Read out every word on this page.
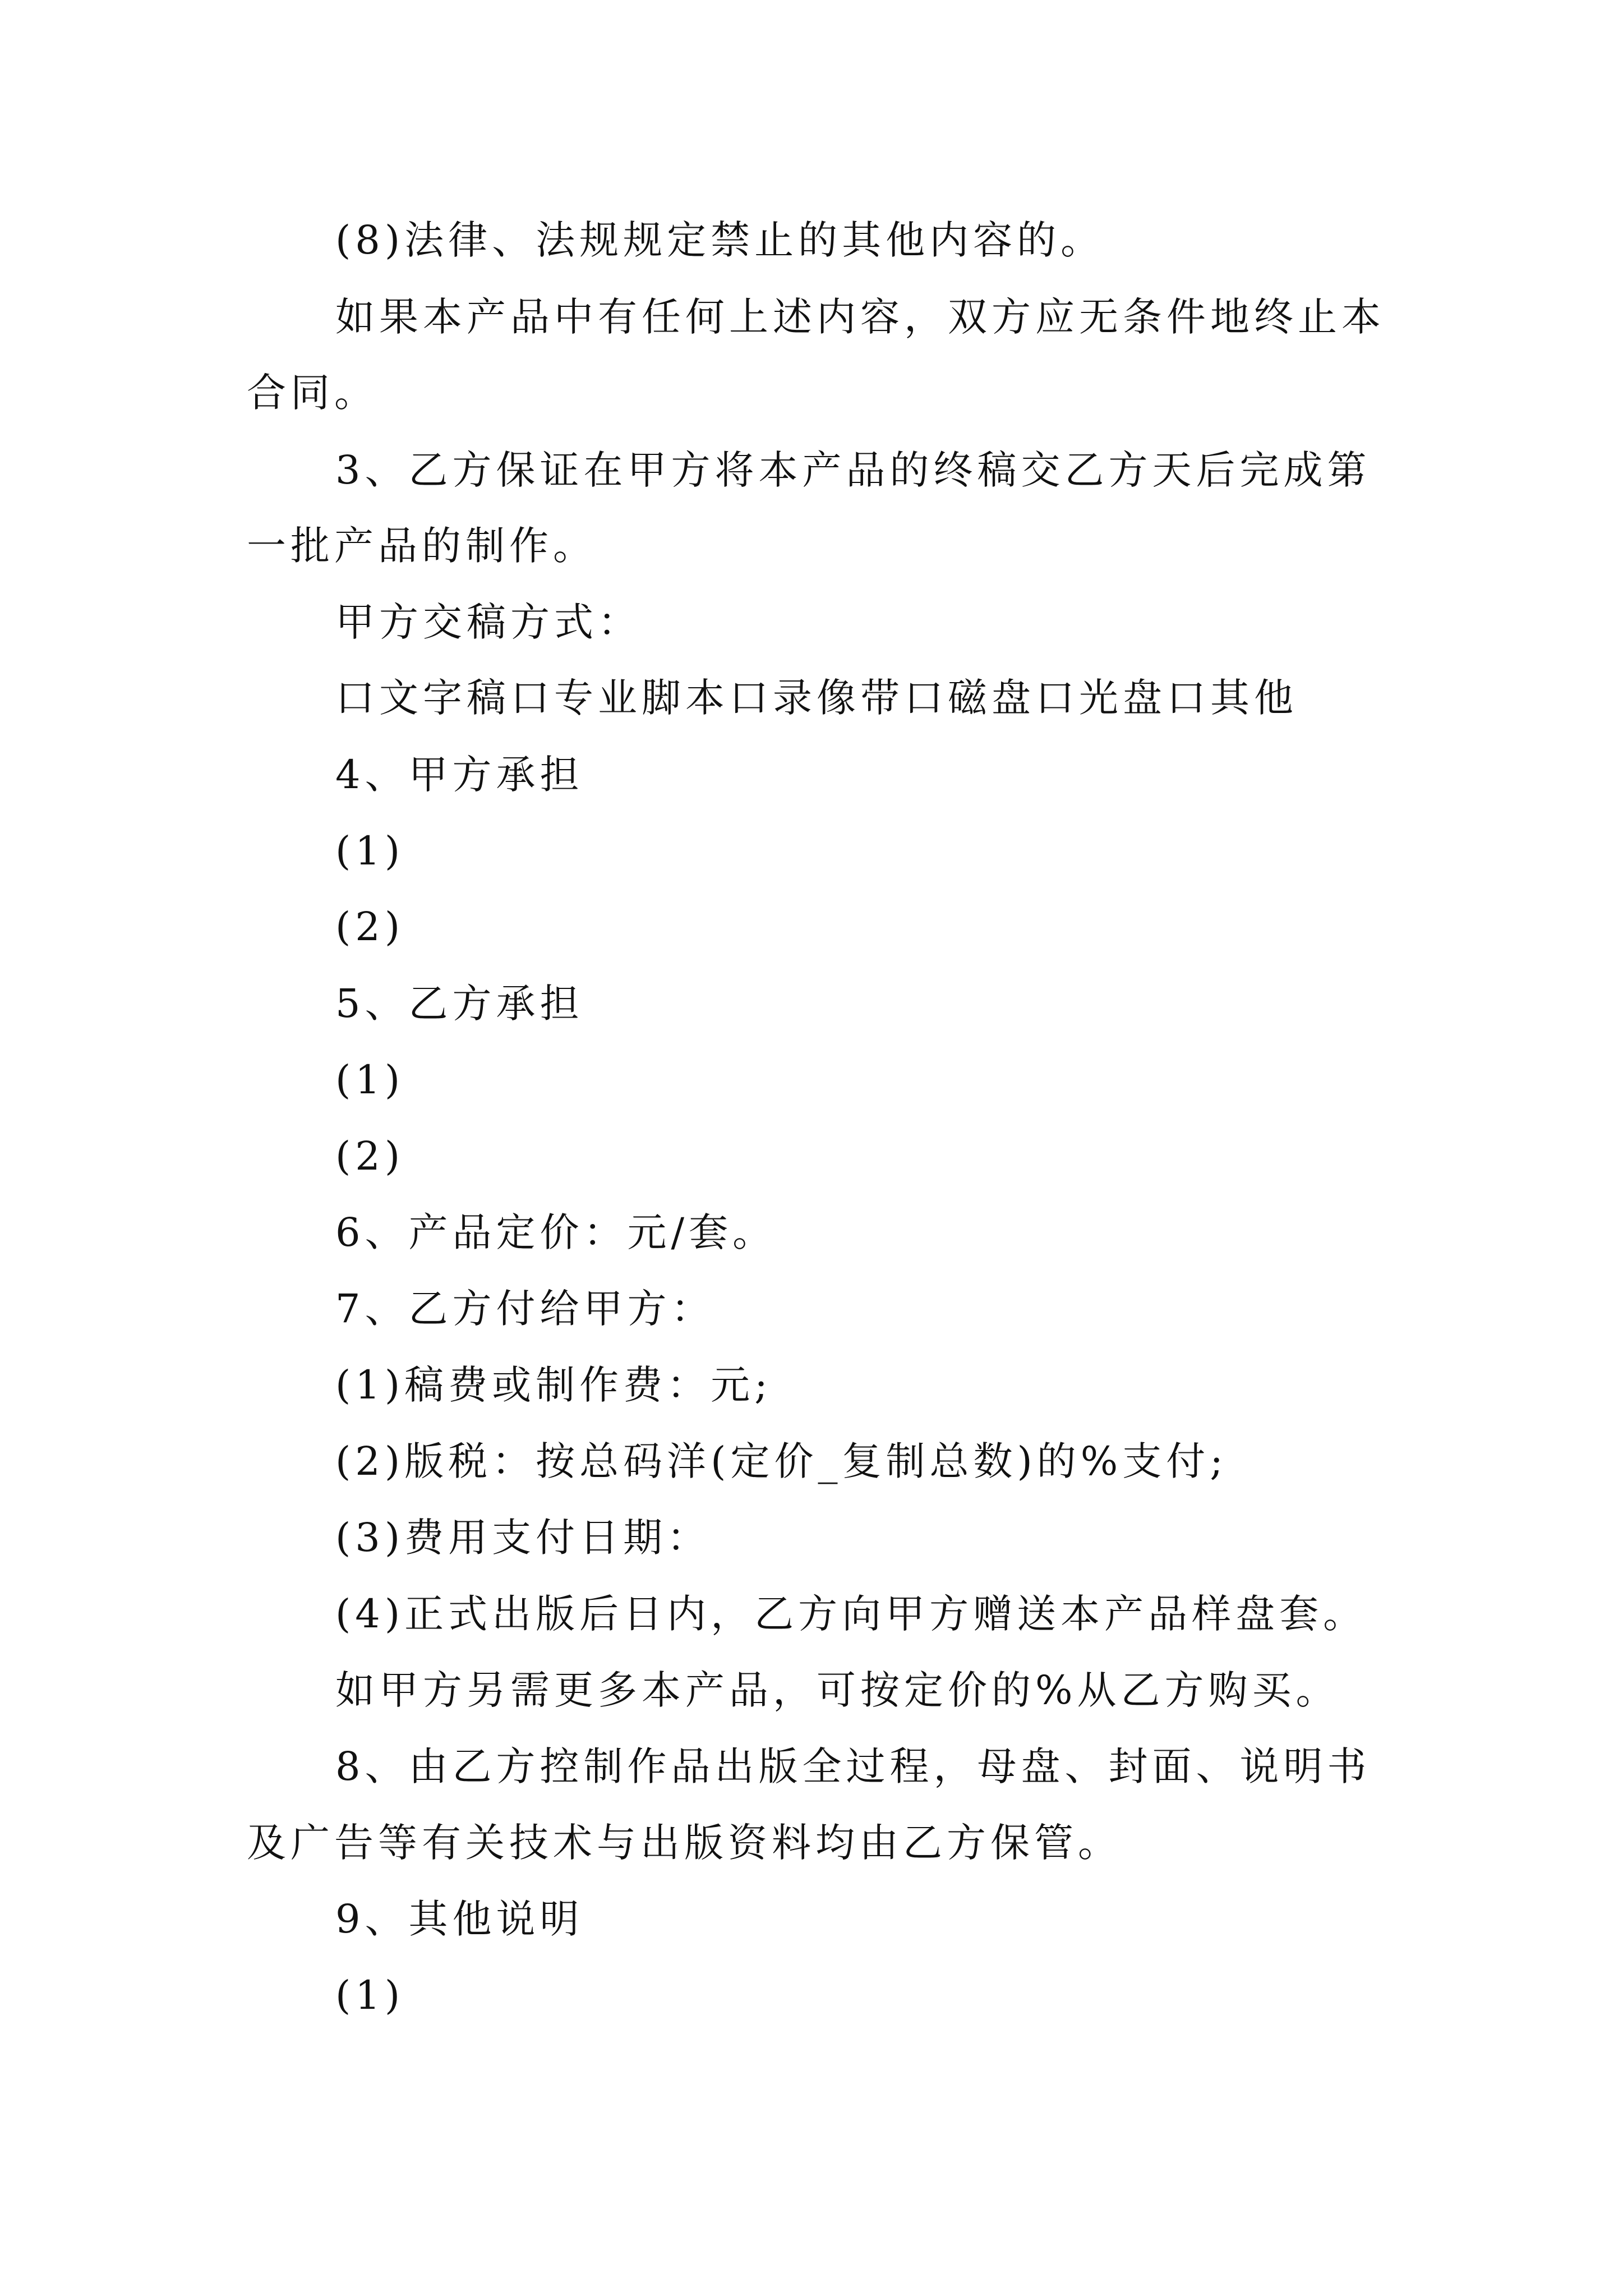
(8)法律、法规规定禁止的其他内容的。
如果本产品中有任何上述内容，双方应无条件地终止本
合同。
3、乙方保证在甲方将本产品的终稿交乙方天后完成第
一批产品的制作。
甲方交稿方式：
口文字稿口专业脚本口录像带口磁盘口光盘口其他
4、甲方承担
(1)
(2)
5、乙方承担
(1)
(2)
6、产品定价：元/套。
7、乙方付给甲方：
(1)稿费或制作费：元;
(2)版税：按总码洋(定价_复制总数)的%支付;
(3)费用支付日期：
(4)正式出版后日内，乙方向甲方赠送本产品样盘套。
如甲方另需更多本产品，可按定价的%从乙方购买。
8、由乙方控制作品出版全过程，母盘、封面、说明书
及广告等有关技术与出版资料均由乙方保管。
9、其他说明
(1)
